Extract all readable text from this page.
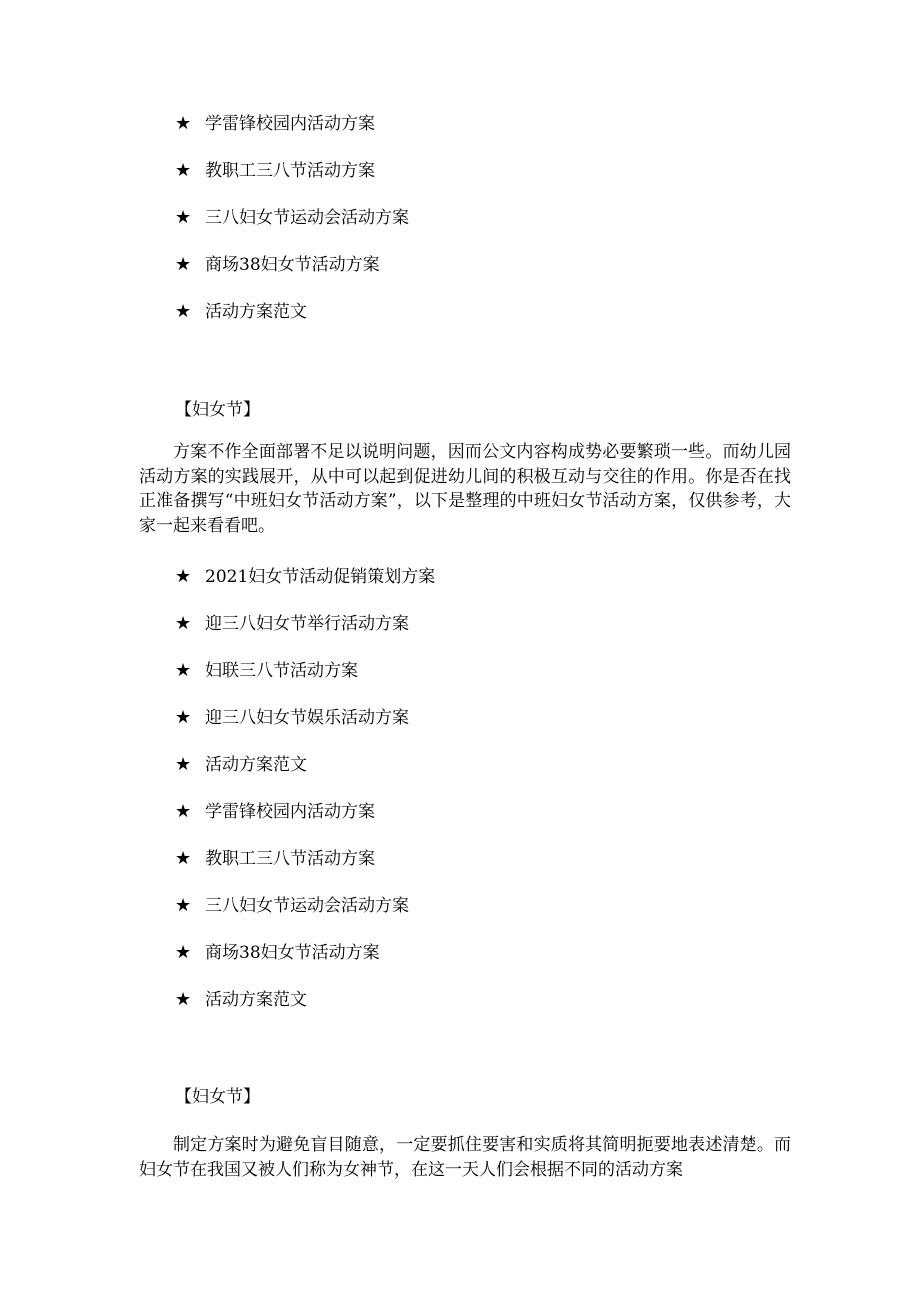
★ 学雷锋校园内活动方案
★ 教职工三八节活动方案
★ 三八妇女节运动会活动方案
★ 商场38妇女节活动方案
★ 活动方案范文
【妇女节】

方案不作全面部署不足以说明问题，因而公文内容构成势必要繁琐一些。而幼儿园活动方案的实践展开，从中可以起到促进幼儿间的积极互动与交往的作用。你是否在找正准备撰写“中班妇女节活动方案”，以下是整理的中班妇女节活动方案，仅供参考，大家一起来看看吧。

★ 2021妇女节活动促销策划方案
★ 迎三八妇女节举行活动方案
★ 妇联三八节活动方案
★ 迎三八妇女节娱乐活动方案
★ 活动方案范文
★ 学雷锋校园内活动方案
★ 教职工三八节活动方案
★ 三八妇女节运动会活动方案
★ 商场38妇女节活动方案
★ 活动方案范文
【妇女节】

制定方案时为避免盲目随意，一定要抓住要害和实质将其简明扼要地表述清楚。而妇女节在我国又被人们称为女神节，在这一天人们会根据不同的活动方案
